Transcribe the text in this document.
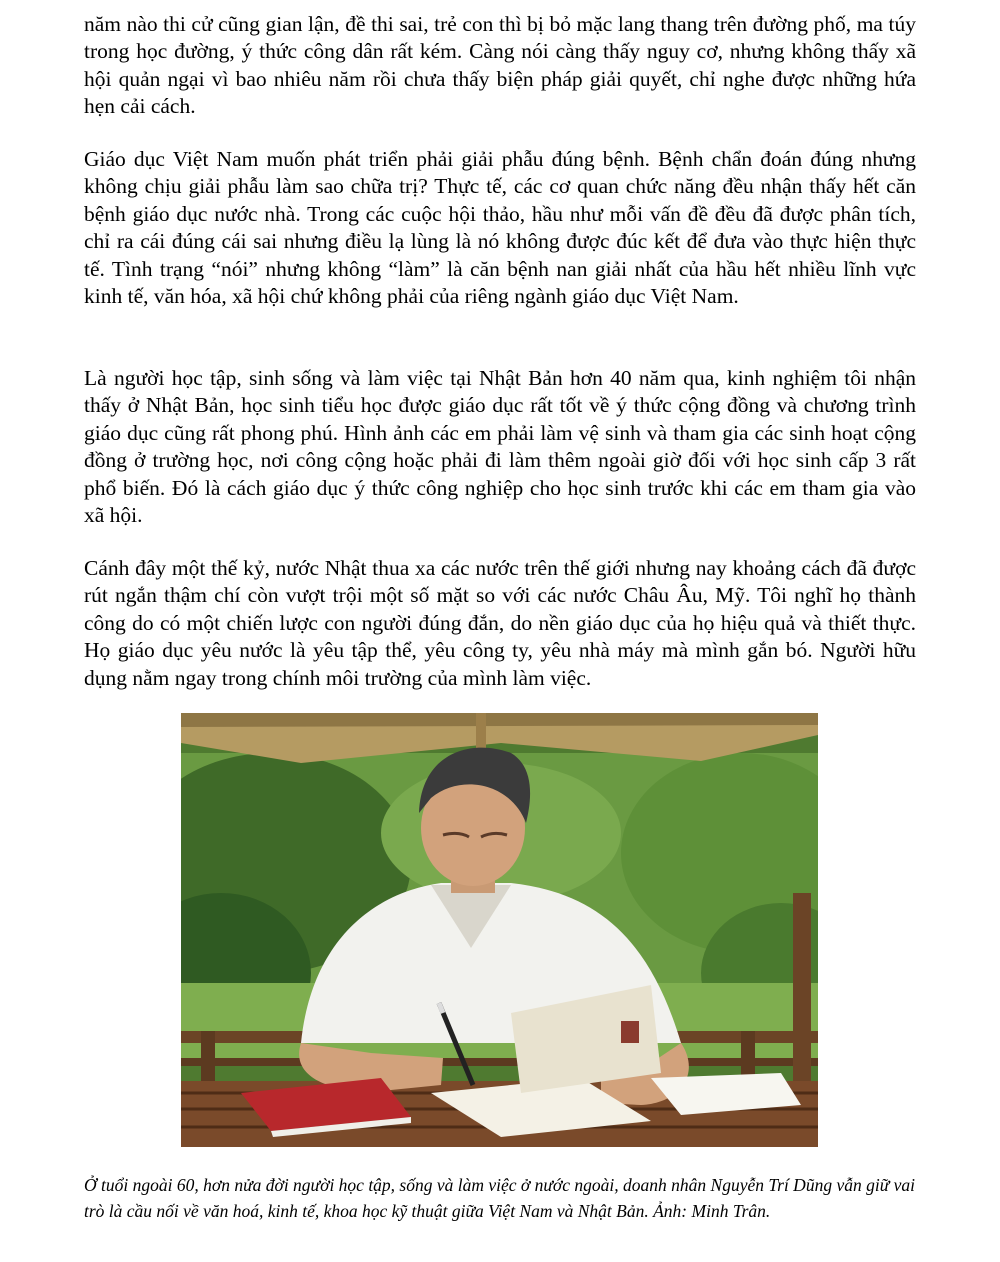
năm nào thi cử cũng gian lận, đề thi sai, trẻ con thì bị bỏ mặc lang thang trên đường phố, ma túy trong học đường, ý thức công dân rất kém. Càng nói càng thấy nguy cơ, nhưng không thấy xã hội quản ngại vì bao nhiêu năm rồi chưa thấy biện pháp giải quyết, chỉ nghe được những hứa hẹn cải cách.

Giáo dục Việt Nam muốn phát triển phải giải phẫu đúng bệnh. Bệnh chẩn đoán đúng nhưng không chịu giải phẫu làm sao chữa trị? Thực tế, các cơ quan chức năng đều nhận thấy hết căn bệnh giáo dục nước nhà. Trong các cuộc hội thảo, hầu như mỗi vấn đề đều đã được phân tích, chỉ ra cái đúng cái sai nhưng điều lạ lùng là nó không được đúc kết để đưa vào thực hiện thực tế. Tình trạng “nói” nhưng không “làm” là căn bệnh nan giải nhất của hầu hết nhiều lĩnh vực kinh tế, văn hóa, xã hội chứ không phải của riêng ngành giáo dục Việt Nam.

Là người học tập, sinh sống và làm việc tại Nhật Bản hơn 40 năm qua, kinh nghiệm tôi nhận thấy ở Nhật Bản, học sinh tiểu học được giáo dục rất tốt về ý thức cộng đồng và chương trình giáo dục cũng rất phong phú. Hình ảnh các em phải làm vệ sinh và tham gia các sinh hoạt cộng đồng ở trường học, nơi công cộng hoặc phải đi làm thêm ngoài giờ đối với học sinh cấp 3 rất phổ biến. Đó là cách giáo dục ý thức công nghiệp cho học sinh trước khi các em tham gia vào xã hội.

Cánh đây một thế kỷ, nước Nhật thua xa các nước trên thế giới nhưng nay khoảng cách đã được rút ngắn thậm chí còn vượt trội một số mặt so với các nước Châu Âu, Mỹ. Tôi nghĩ họ thành công do có một chiến lược con người đúng đắn, do nền giáo dục của họ hiệu quả và thiết thực. Họ giáo dục yêu nước là yêu tập thể, yêu công ty, yêu nhà máy mà mình gắn bó. Người hữu dụng nằm ngay trong chính môi trường của mình làm việc.

Ở tuổi ngoài 60, hơn nửa đời người học tập, sống và làm việc ở nước ngoài, doanh nhân Nguyễn Trí Dũng vẫn giữ vai trò là cầu nối về văn hoá, kinh tế, khoa học kỹ thuật giữa Việt Nam và Nhật Bản. Ảnh: Minh Trân.
